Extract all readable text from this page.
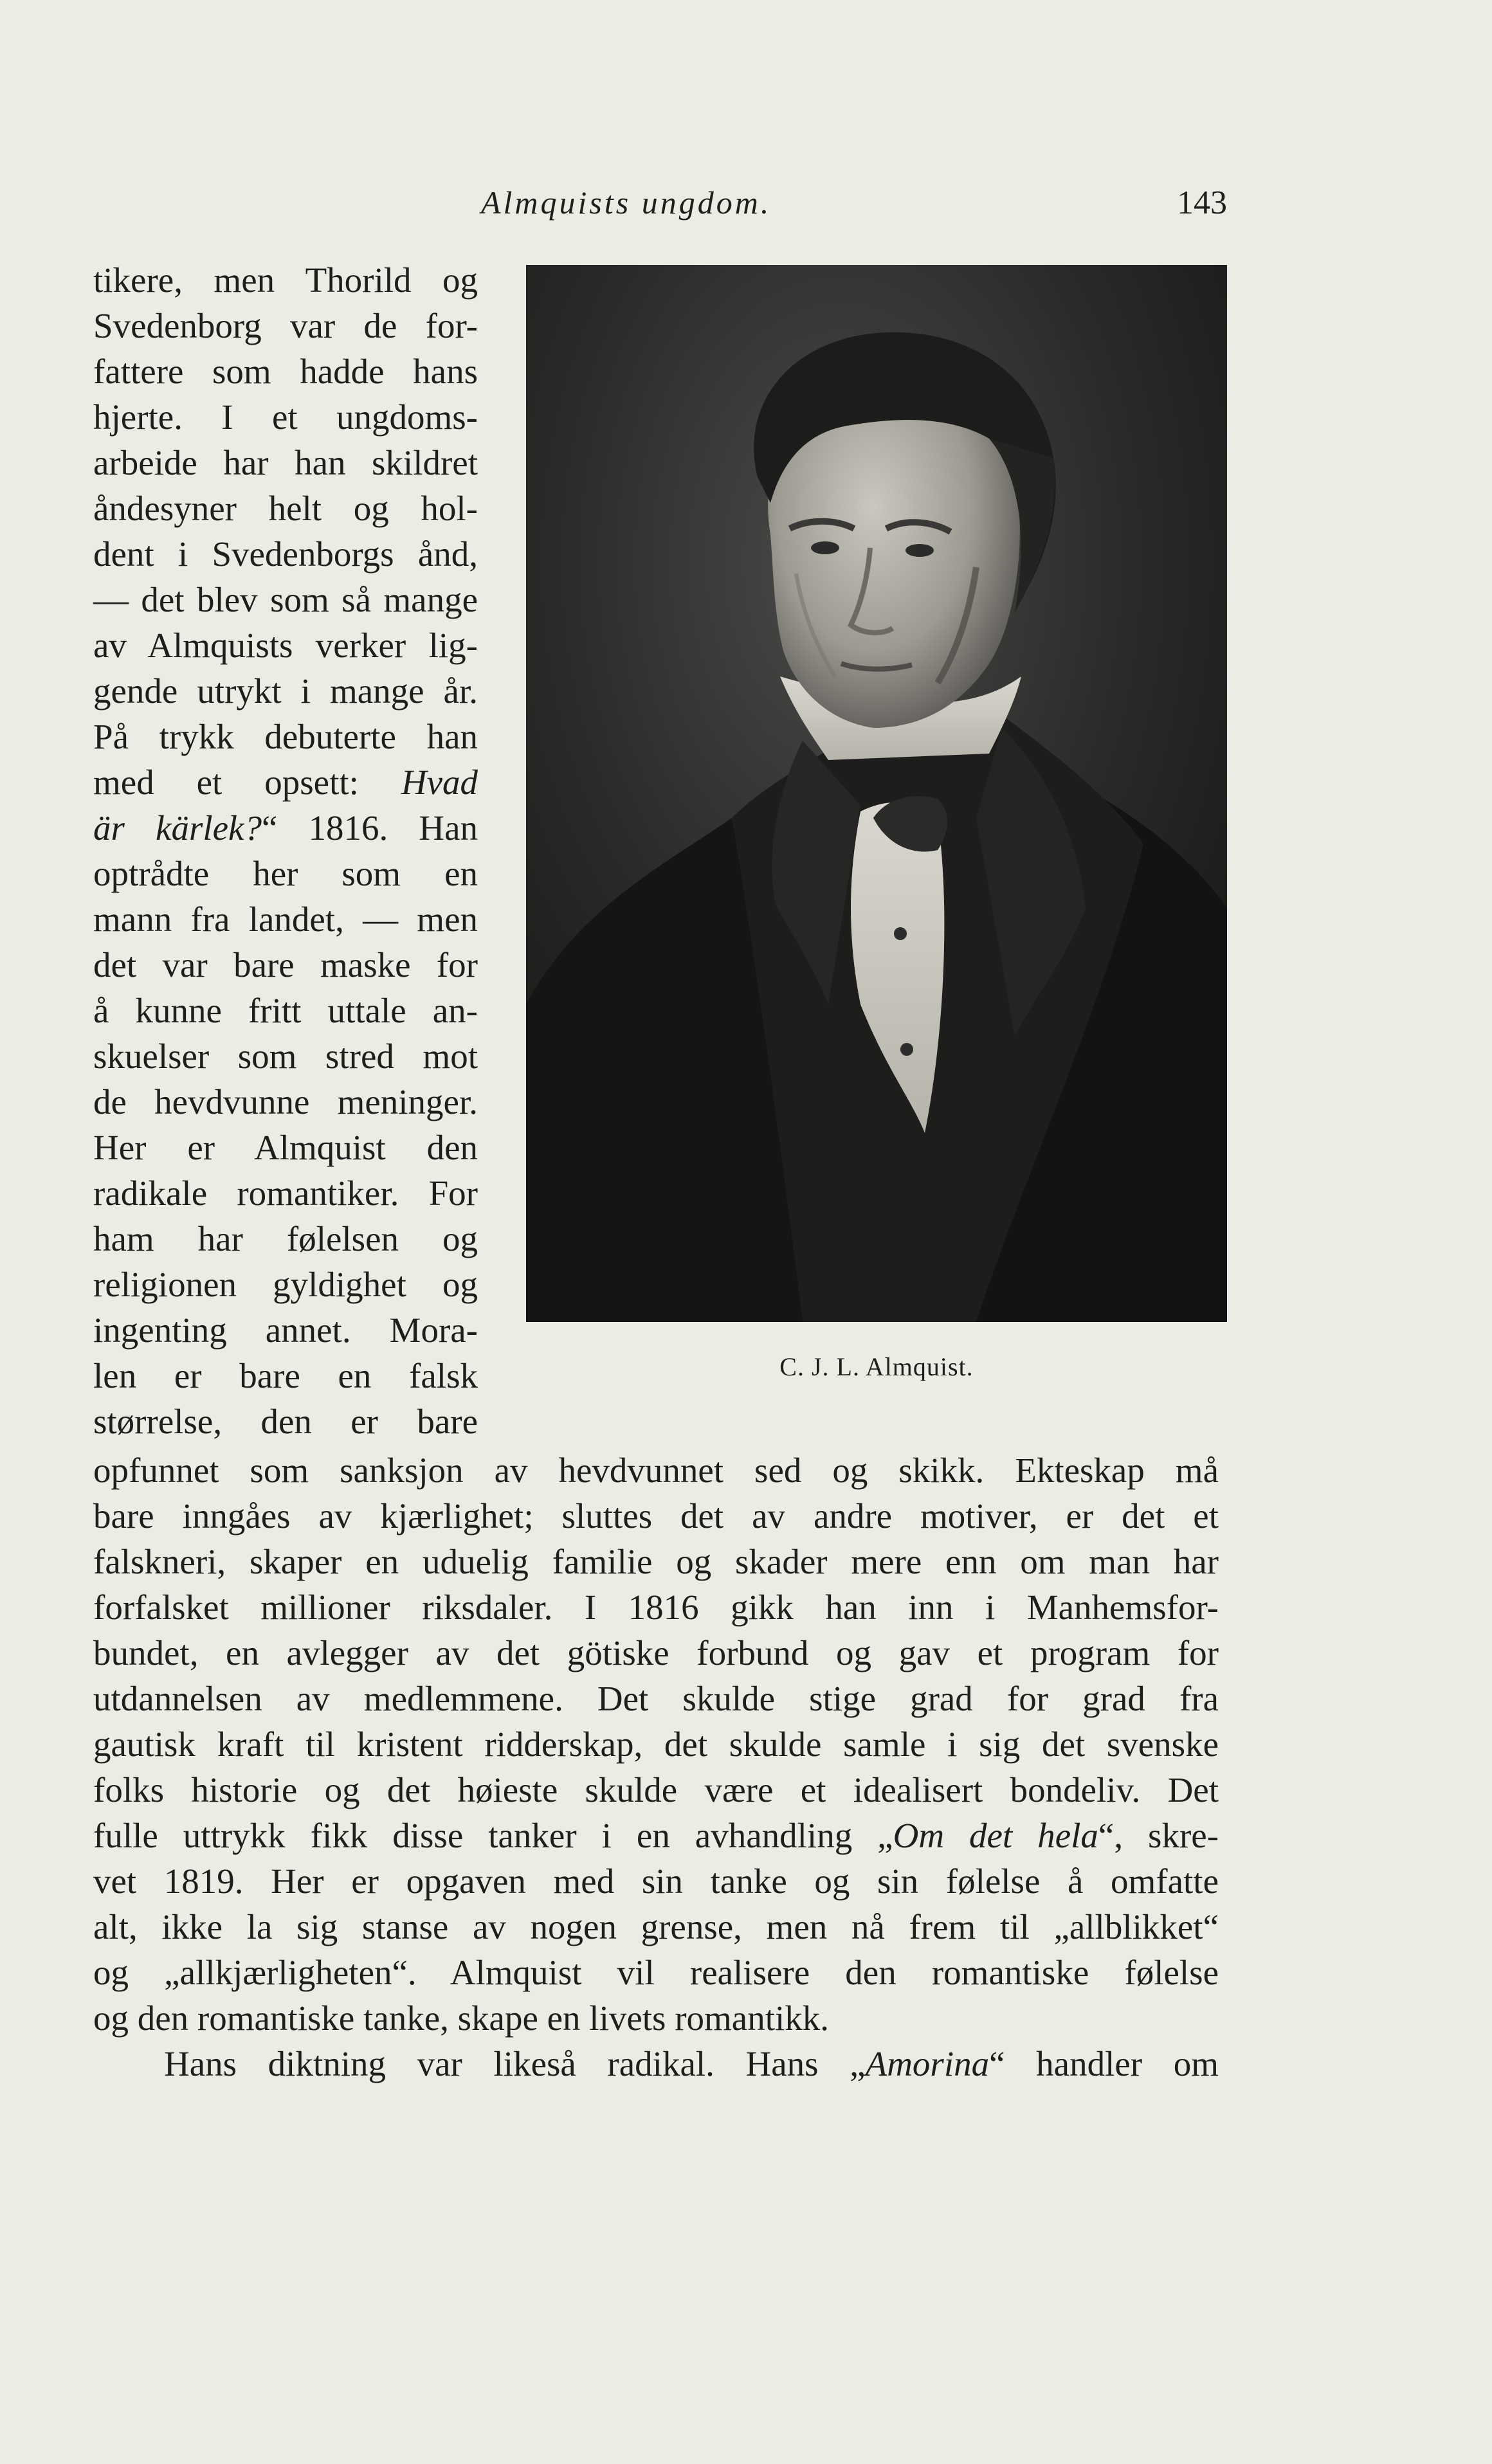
Almquists ungdom.	143
C. J. L. Almquist.
tikere, men Thorild og
Svedenborg var de for-
fattere som hadde hans
hjerte. I et ungdoms-
arbeide har han skildret
åndesyner helt og hol-
dent i Svedenborgs ånd,
— det blev som så mange
av Almquists verker lig-
gende utrykt i mange år.
På trykk debuterte han
med et opsett: Hvad
är kärlek?“ 1816. Han
optrådte her som en
mann fra landet, — men
det var bare maske for
å kunne fritt uttale an-
skuelser som stred mot
de hevdvunne meninger.
Her er Almquist den
radikale romantiker. For
ham har følelsen og
religionen gyldighet og
ingenting annet. Mora-
len er bare en falsk
størrelse, den er bare
opfunnet som sanksjon av hevdvunnet sed og skikk. Ekteskap må
bare inngåes av kjærlighet; sluttes det av andre motiver, er det et
falskneri, skaper en uduelig familie og skader mere enn om man har
forfalsket millioner riksdaler. I 1816 gikk han inn i Manhemsfor-
bundet, en avlegger av det götiske forbund og gav et program for
utdannelsen av medlemmene. Det skulde stige grad for grad fra
gautisk kraft til kristent ridderskap, det skulde samle i sig det svenske
folks historie og det høieste skulde være et idealisert bondeliv. Det
fulle uttrykk fikk disse tanker i en avhandling „Om det hela“, skre-
vet 1819. Her er opgaven med sin tanke og sin følelse å omfatte
alt, ikke la sig stanse av nogen grense, men nå frem til „allblikket“
og „allkjærligheten“. Almquist vil realisere den romantiske følelse
og den romantiske tanke, skape en livets romantikk.
Hans diktning var likeså radikal. Hans „Amorina“ handler om
